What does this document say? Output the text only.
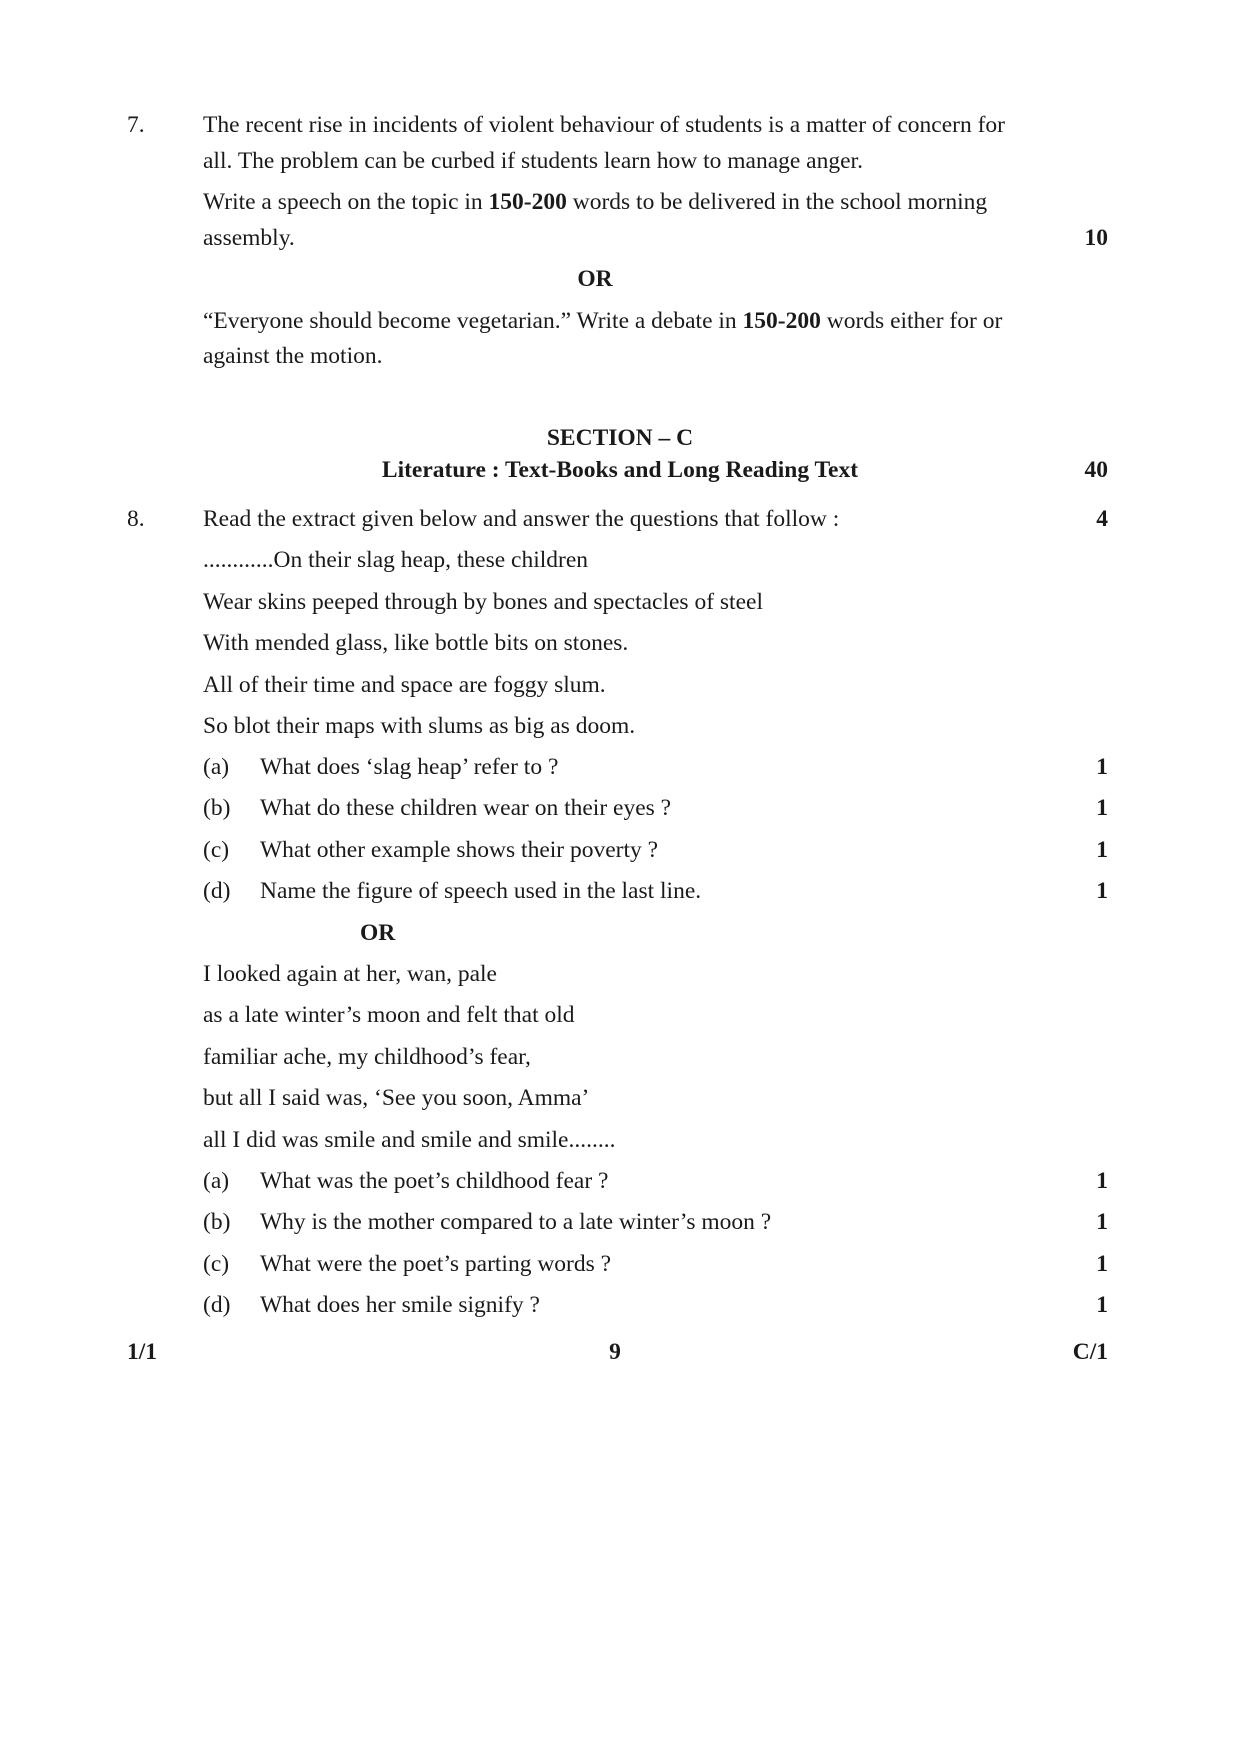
7. The recent rise in incidents of violent behaviour of students is a matter of concern for
all. The problem can be curbed if students learn how to manage anger.
Write a speech on the topic in 150-200 words to be delivered in the school morning
assembly.	10
OR
“Everyone should become vegetarian.” Write a debate in 150-200 words either for or
against the motion.
SECTION – C
Literature : Text-Books and Long Reading Text	40
8. Read the extract given below and answer the questions that follow :	4
............On their slag heap, these children
Wear skins peeped through by bones and spectacles of steel
With mended glass, like bottle bits on stones.
All of their time and space are foggy slum.
So blot their maps with slums as big as doom.
(a) What does ‘slag heap’ refer to ?	1
(b) What do these children wear on their eyes ?	1
(c) What other example shows their poverty ?	1
(d) Name the figure of speech used in the last line.	1
OR
I looked again at her, wan, pale
as a late winter’s moon and felt that old
familiar ache, my childhood’s fear,
but all I said was, ‘See you soon, Amma’
all I did was smile and smile and smile........
(a) What was the poet’s childhood fear ?	1
(b) Why is the mother compared to a late winter’s moon ?	1
(c) What were the poet’s parting words ?	1
(d) What does her smile signify ?	1
1/1	9	C/1
